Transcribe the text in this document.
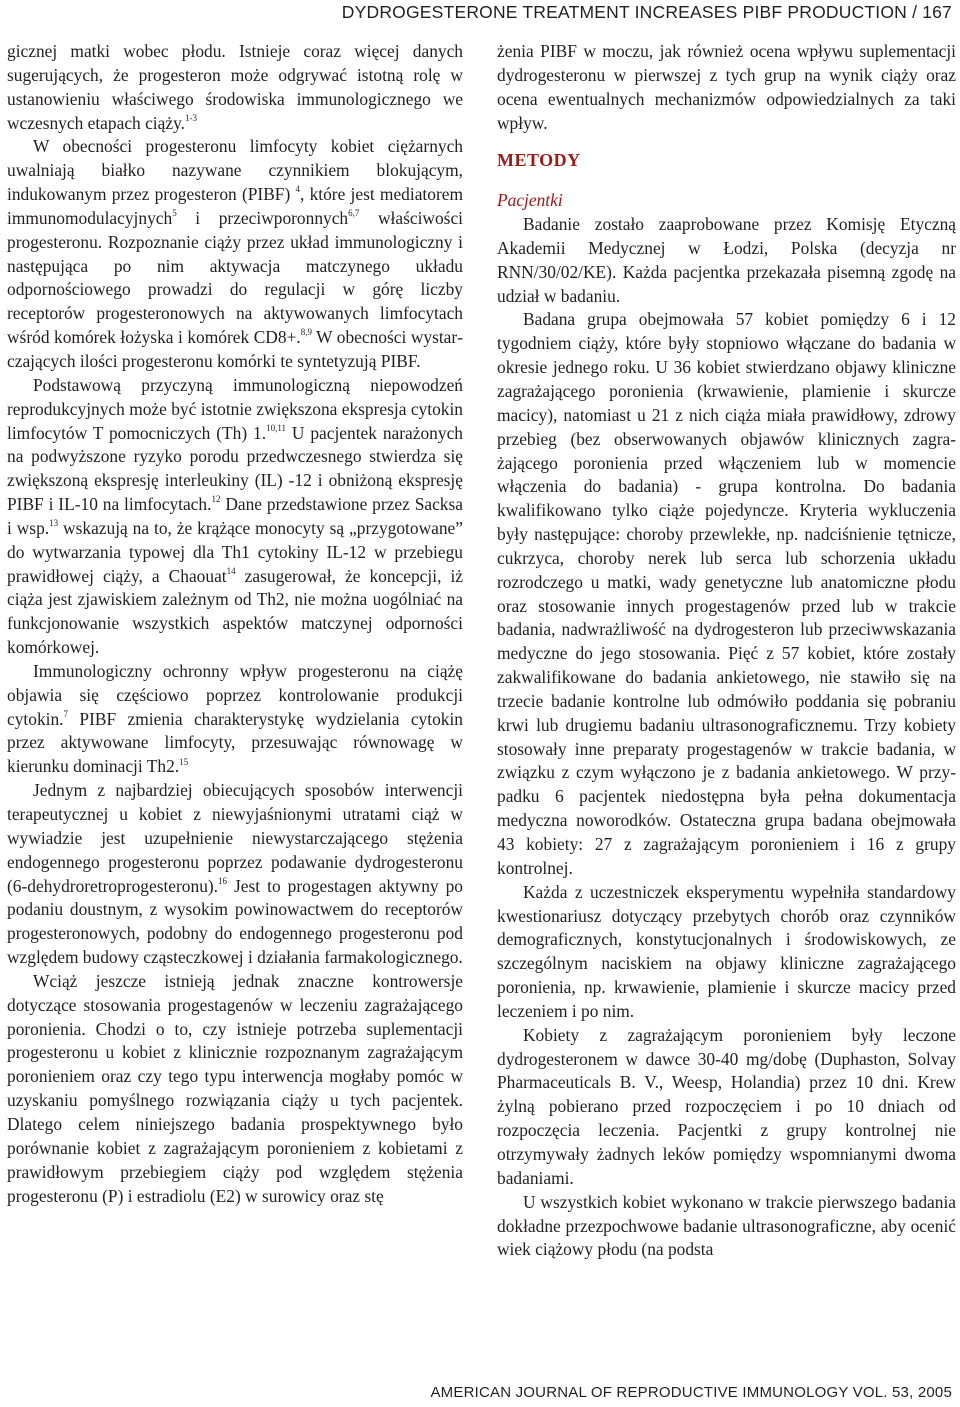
DYDROGESTERONE TREATMENT INCREASES PIBF PRODUCTION / 167

gicznej matki wobec płodu. Istnieje coraz więcej danych sugerujących, że progesteron może odgrywać istotną rolę w ustanowieniu właściwego środowiska immunologicznego we wczesnych etapach ciąży.$^{1-3}$

W obecności progesteronu limfocyty kobiet ciężarnych uwalniają białko nazywane czynnikiem blokującym, indukowanym przez progesteron (PIBF) $^4$, które jest mediatorem immunomodulacyjnych$^5$ i przeciwporonnych$^{6,7}$ właściwości progesteronu. Rozpoznanie ciąży przez układ immunologiczny i następująca po nim aktywacja matczynego układu odpornościowego prowadzi do regulacji w górę liczby receptorów progesteronowych na aktywowanych limfocytach wśród komórek łożyska i komórek CD8+.$^{8,9}$ W obecności wystarczających ilości progesteronu komórki te syntetyzują PIBF.

Podstawową przyczyną immunologiczną niepowodzeń reprodukcyjnych może być istotnie zwiększona ekspresja cytokin limfocytów T pomocniczych (Th) 1.$^{10,11}$ U pacjentek narażonych na podwyższone ryzyko porodu przedwczesnego stwierdza się zwiększoną ekspresję interleukiny (IL) -12 i obniżoną ekspresję PIBF i IL-10 na limfocytach.$^{12}$ Dane przedstawione przez Sacksa i wsp.$^{13}$ wskazują na to, że krążące monocyty są „przygotowane” do wytwarzania typowej dla Th1 cytokiny IL-12 w przebiegu prawidłowej ciąży, a Chaouat$^{14}$ zasugerował, że koncepcji, iż ciąża jest zjawiskiem zależnym od Th2, nie można uogólniać na funkcjonowanie wszystkich aspektów matczynej odporności komórkowej.

Immunologiczny ochronny wpływ progesteronu na ciążę objawia się częściowo poprzez kontrolowanie produkcji cytokin.$^7$ PIBF zmienia charakterystykę wydzielania cytokin przez aktywowane limfocyty, przesuwając równowagę w kierunku dominacji Th2.15

Jednym z najbardziej obiecujących sposobów interwencji terapeutycznej u kobiet z niewyjaśnionymi utratami ciąż w wywiadzie jest uzupełnienie niewystarczającego stężenia endogennego progesteronu poprzez podawanie dydrogesteronu (6-dehydroretroprogesterоnu).$^{16}$ Jest to progestagen aktywny po podaniu doustnym, z wysokim powinowactwem do receptorów progesteronowych, podobny do endogennego progesteronu pod względem budowy cząsteczkowej i działania farmakologicznego.

Wciąż jeszcze istnieją jednak znaczne kontrowersje dotyczące stosowania progestagenów w leczeniu zagrażającego poronienia. Chodzi o to, czy istnieje potrzeba suplementacji progesteronu u kobiet z klinicznie rozpoznanym zagrażającym poronieniem oraz czy tego typu interwencja mogłaby pomóc w uzyskaniu pomyślnego rozwiązania ciąży u tych pacjentek. Dlatego celem niniejszego badania prospektywnego było porównanie kobiet z zagrażającym poronieniem z kobietami z prawidłowym przebiegiem ciąży pod względem stężenia progesteronu (P) i estradiolu (E2) w surowicy oraz stę

żenia PIBF w moczu, jak również ocena wpływu suplementacji dydrogesteronu w pierwszej z tych grup na wynik ciąży oraz ocena ewentualnych mechanizmów odpowiedzialnych za taki wpływ.

METODY

Pacjentki

Badanie zostało zaaprobowane przez Komisję Etyczną Akademii Medycznej w Łodzi, Polska (decyzja nr RNN/30/02/KE). Każda pacjentka przekazała pisemną zgodę na udział w badaniu.

Badana grupa obejmowała 57 kobiet pomiędzy 6 i 12 tygodniem ciąży, które były stopniowo włączane do badania w okresie jednego roku. U 36 kobiet stwierdzano objawy kliniczne zagrażającego poronienia (krwawienie, plamienie i skurcze macicy), natomiast u 21 z nich ciąża miała prawidłowy, zdrowy przebieg (bez obserwowanych objawów klinicznych zagrażającego poronienia przed włączeniem lub w momencie włączenia do badania) - grupa kontrolna. Do badania kwalifikowano tylko ciąże pojedyncze. Kryteria wykluczenia były następujące: choroby przewlekłe, np. nadciśnienie tętnicze, cukrzyca, choroby nerek lub serca lub schorzenia układu rozrodczego u matki, wady genetyczne lub anatomiczne płodu oraz stosowanie innych progestagenów przed lub w trakcie badania, nadwrażliwość na dydrogesteron lub przeciwwskazania medyczne do jego stosowania. Pięć z 57 kobiet, które zostały zakwalifikowane do badania ankietowego, nie stawiło się na trzecie badanie kontrolne lub odmówiło poddania się pobraniu krwi lub drugiemu badaniu ultrasonograficznemu. Trzy kobiety stosowały inne preparaty progestagenów w trakcie badania, w związku z czym wyłączono je z badania ankietowego. W przypadku 6 pacjentek niedostępna była pełna dokumentacja medyczna noworodków. Ostateczna grupa badana obejmowała 43 kobiety: 27 z zagrażającym poronieniem i 16 z grupy kontrolnej.

Każda z uczestniczek eksperymentu wypełniła standardowy kwestionariusz dotyczący przebytych chorób oraz czynników demograficznych, konstytucjonalnych i środowiskowych, ze szczególnym naciskiem na objawy kliniczne zagrażającego poronienia, np. krwawienie, plamienie i skurcze macicy przed leczeniem i po nim.

Kobiety z zagrażającym poronieniem były leczone dydrogesteronem w dawce 30-40 mg/dobę (Duphaston, Solvay Pharmaceuticals B. V., Weesp, Holandia) przez 10 dni. Krew żylną pobierano przed rozpoczęciem i po 10 dniach od rozpoczęcia leczenia. Pacjentki z grupy kontrolnej nie otrzymywały żadnych leków pomiędzy wspomnianymi dwoma badaniami.

U wszystkich kobiet wykonano w trakcie pierwszego badania dokładne przezpochwowe badanie ultrasonograficzne, aby ocenić wiek ciążowy płodu (na podsta

AMERICAN JOURNAL OF REPRODUCTIVE IMMUNOLOGY VOL. 53, 2005
